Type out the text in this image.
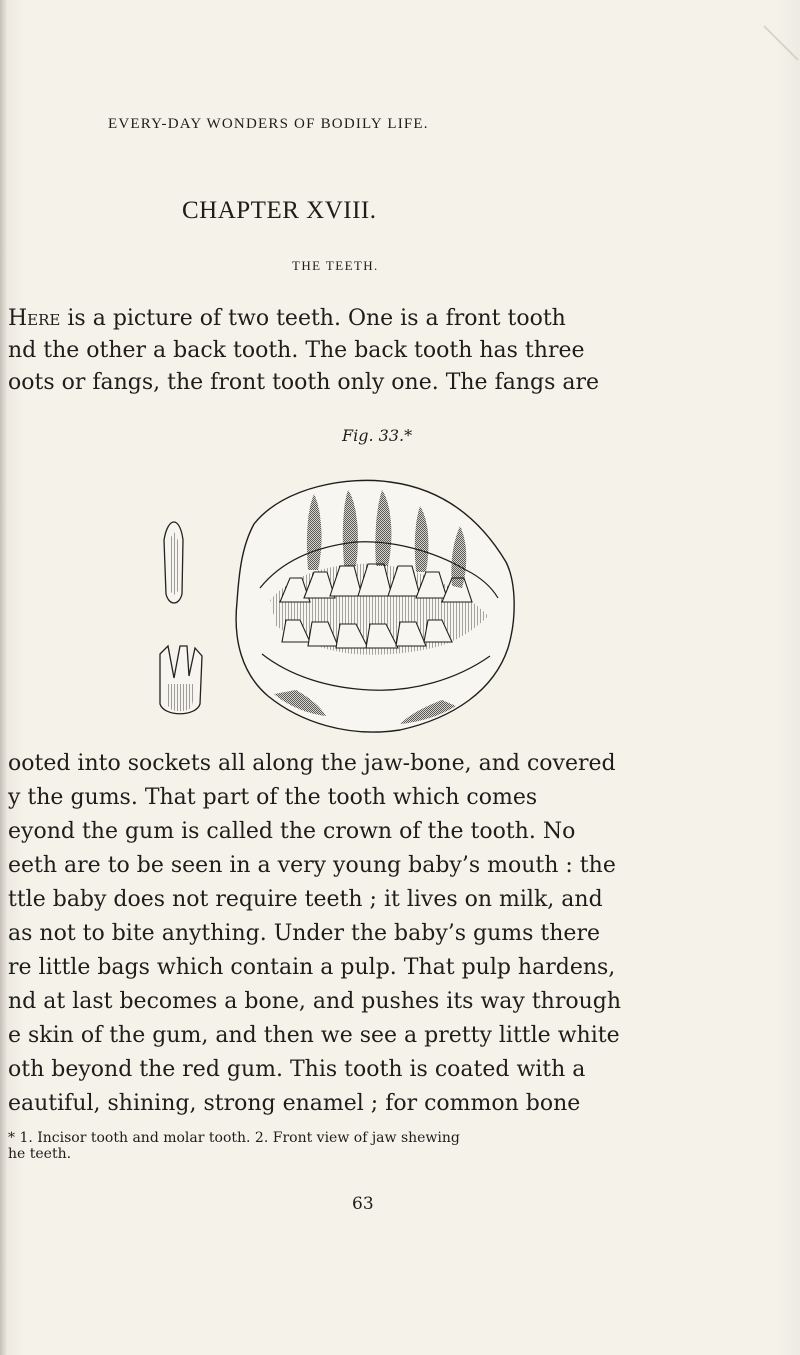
EVERY-DAY WONDERS OF BODILY LIFE.
CHAPTER XVIII.
THE TEETH.
Here is a picture of two teeth. One is a front tooth
nd the other a back tooth. The back tooth has three
oots or fangs, the front tooth only one. The fangs are
Fig. 33.*
ooted into sockets all along the jaw-bone, and covered
y the gums. That part of the tooth which comes
eyond the gum is called the crown of the tooth. No
eeth are to be seen in a very young baby’s mouth : the
ttle baby does not require teeth ; it lives on milk, and
as not to bite anything. Under the baby’s gums there
re little bags which contain a pulp. That pulp hardens,
nd at last becomes a bone, and pushes its way through
e skin of the gum, and then we see a pretty little white
oth beyond the red gum. This tooth is coated with a
eautiful, shining, strong enamel ; for common bone
* 1. Incisor tooth and molar tooth. 2. Front view of jaw shewing
he teeth.
63
